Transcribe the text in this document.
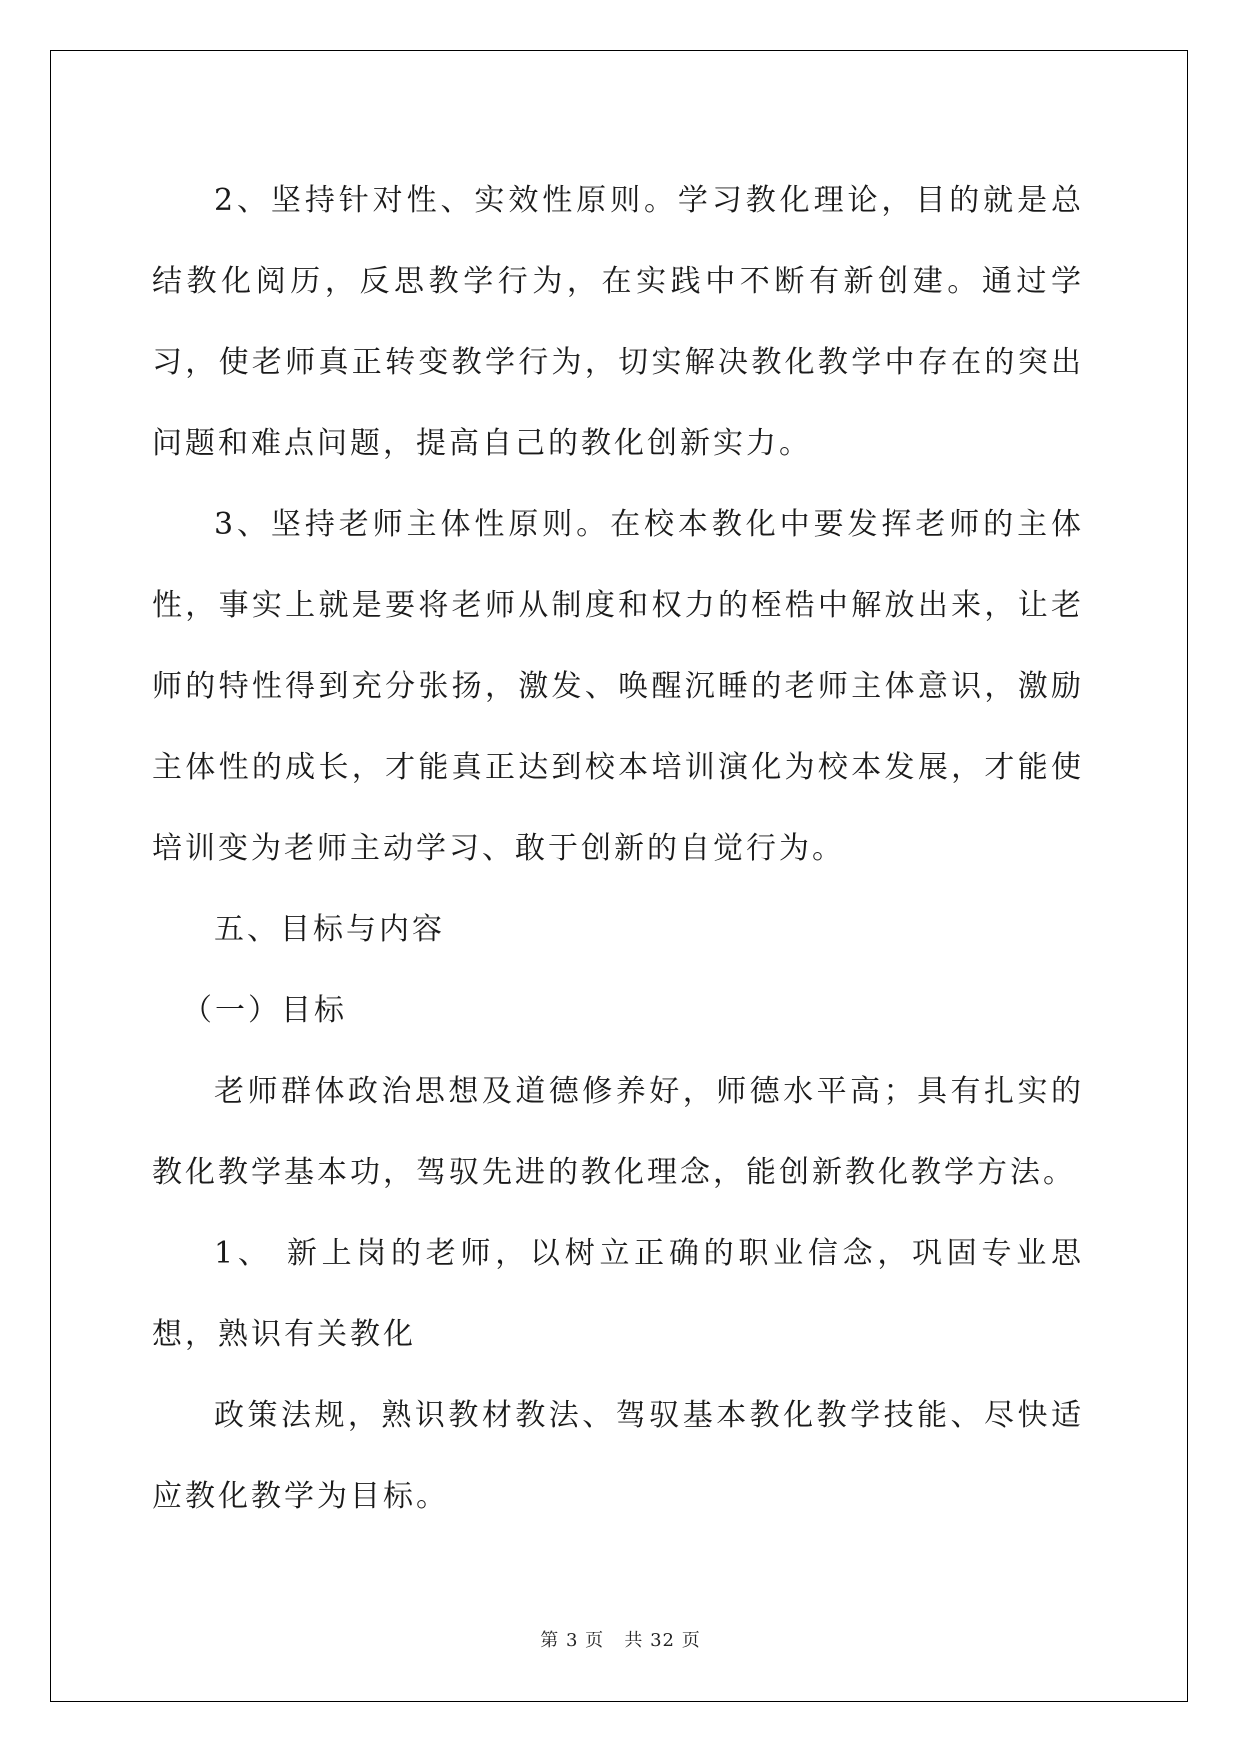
2、坚持针对性、实效性原则。学习教化理论，目的就是总结教化阅历，反思教学行为，在实践中不断有新创建。通过学习，使老师真正转变教学行为，切实解决教化教学中存在的突出问题和难点问题，提高自己的教化创新实力。

3、坚持老师主体性原则。在校本教化中要发挥老师的主体性，事实上就是要将老师从制度和权力的桎梏中解放出来，让老师的特性得到充分张扬，激发、唤醒沉睡的老师主体意识，激励主体性的成长，才能真正达到校本培训演化为校本发展，才能使培训变为老师主动学习、敢于创新的自觉行为。

五、目标与内容

（一）目标

老师群体政治思想及道德修养好，师德水平高；具有扎实的教化教学基本功，驾驭先进的教化理念，能创新教化教学方法。

1、 新上岗的老师，以树立正确的职业信念，巩固专业思想，熟识有关教化

政策法规，熟识教材教法、驾驭基本教化教学技能、尽快适应教化教学为目标。

第 3 页 共 32 页
